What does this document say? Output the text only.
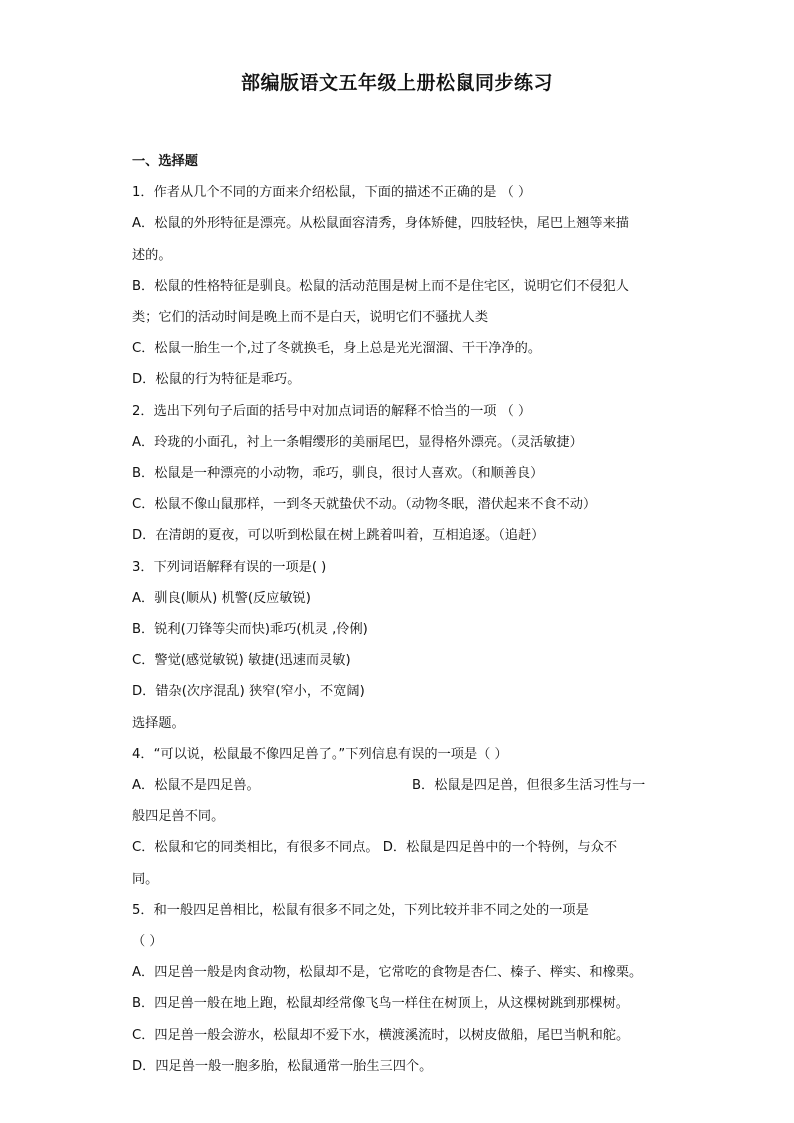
部编版语文五年级上册松鼠同步练习
一、选择题
1．作者从几个不同的方面来介绍松鼠，下面的描述不正确的是 （ ）
A．松鼠的外形特征是漂亮。从松鼠面容清秀，身体矫健，四肢轻快，尾巴上翘等来描
述的。
B．松鼠的性格特征是驯良。松鼠的活动范围是树上而不是住宅区，说明它们不侵犯人
类；它们的活动时间是晚上而不是白天，说明它们不骚扰人类
C．松鼠一胎生一个,过了冬就换毛，身上总是光光溜溜、干干净净的。
D．松鼠的行为特征是乖巧。
2．选出下列句子后面的括号中对加点词语的解释不恰当的一项 （ ）
A．玲珑的小面孔，衬上一条帽缨形的美丽尾巴，显得格外漂亮。（灵活敏捷）
B．松鼠是一种漂亮的小动物，乖巧，驯良，很讨人喜欢。（和顺善良）
C．松鼠不像山鼠那样，一到冬天就蛰伏不动。（动物冬眠，潜伏起来不食不动）
D．在清朗的夏夜，可以听到松鼠在树上跳着叫着，互相追逐。（追赶）
3．下列词语解释有误的一项是( )
A．驯良(顺从) 机警(反应敏锐)
B．锐利(刀锋等尖而快)乖巧(机灵 ,伶俐)
C．警觉(感觉敏锐) 敏捷(迅速而灵敏)
D．错杂(次序混乱) 狭窄(窄小，不宽阔)
选择题。
4．“可以说，松鼠最不像四足兽了。”下列信息有误的一项是（ ）
A．松鼠不是四足兽。	B．松鼠是四足兽，但很多生活习性与一
般四足兽不同。
C．松鼠和它的同类相比，有很多不同点。 D．松鼠是四足兽中的一个特例，与众不
同。
5．和一般四足兽相比，松鼠有很多不同之处，下列比较并非不同之处的一项是
（ ）
A．四足兽一般是肉食动物，松鼠却不是，它常吃的食物是杏仁、榛子、榉实、和橡栗。
B．四足兽一般在地上跑，松鼠却经常像飞鸟一样住在树顶上，从这棵树跳到那棵树。
C．四足兽一般会游水，松鼠却不爱下水，横渡溪流时，以树皮做船，尾巴当帆和舵。
D．四足兽一般一胞多胎，松鼠通常一胎生三四个。
